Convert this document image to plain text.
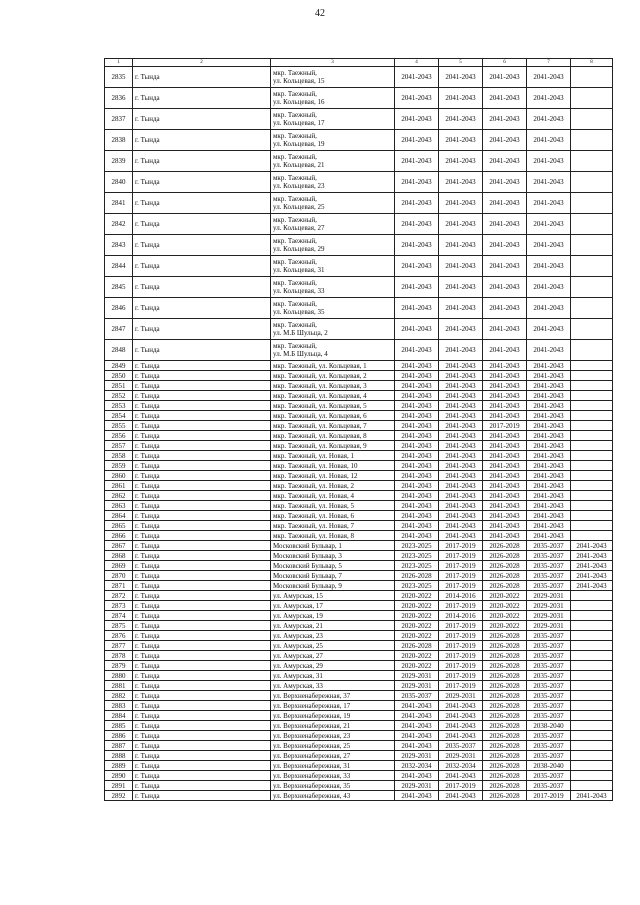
42
1	2	3	4	5	6	7	8
2835	г. Тында	мкр. Таежный,
ул. Кольцевая, 15	2041-2043	2041-2043	2041-2043	2041-2043	
2836	г. Тында	мкр. Таежный,
ул. Кольцевая, 16	2041-2043	2041-2043	2041-2043	2041-2043	
2837	г. Тында	мкр. Таежный,
ул. Кольцевая, 17	2041-2043	2041-2043	2041-2043	2041-2043	
2838	г. Тында	мкр. Таежный,
ул. Кольцевая, 19	2041-2043	2041-2043	2041-2043	2041-2043	
2839	г. Тында	мкр. Таежный,
ул. Кольцевая, 21	2041-2043	2041-2043	2041-2043	2041-2043	
2840	г. Тында	мкр. Таежный,
ул. Кольцевая, 23	2041-2043	2041-2043	2041-2043	2041-2043	
2841	г. Тында	мкр. Таежный,
ул. Кольцевая, 25	2041-2043	2041-2043	2041-2043	2041-2043	
2842	г. Тында	мкр. Таежный,
ул. Кольцевая, 27	2041-2043	2041-2043	2041-2043	2041-2043	
2843	г. Тында	мкр. Таежный,
ул. Кольцевая, 29	2041-2043	2041-2043	2041-2043	2041-2043	
2844	г. Тында	мкр. Таежный,
ул. Кольцевая, 31	2041-2043	2041-2043	2041-2043	2041-2043	
2845	г. Тында	мкр. Таежный,
ул. Кольцевая, 33	2041-2043	2041-2043	2041-2043	2041-2043	
2846	г. Тында	мкр. Таежный,
ул. Кольцевая, 35	2041-2043	2041-2043	2041-2043	2041-2043	
2847	г. Тында	мкр. Таежный,
ул. М.Б Шульца, 2	2041-2043	2041-2043	2041-2043	2041-2043	
2848	г. Тында	мкр. Таежный,
ул. М.Б Шульца, 4	2041-2043	2041-2043	2041-2043	2041-2043	
2849	г. Тында	мкр. Таежный, ул. Кольцевая, 1	2041-2043	2041-2043	2041-2043	2041-2043	
2850	г. Тында	мкр. Таежный, ул. Кольцевая, 2	2041-2043	2041-2043	2041-2043	2041-2043	
2851	г. Тында	мкр. Таежный, ул. Кольцевая, 3	2041-2043	2041-2043	2041-2043	2041-2043	
2852	г. Тында	мкр. Таежный, ул. Кольцевая, 4	2041-2043	2041-2043	2041-2043	2041-2043	
2853	г. Тында	мкр. Таежный, ул. Кольцевая, 5	2041-2043	2041-2043	2041-2043	2041-2043	
2854	г. Тында	мкр. Таежный, ул. Кольцевая, 6	2041-2043	2041-2043	2041-2043	2041-2043	
2855	г. Тында	мкр. Таежный, ул. Кольцевая, 7	2041-2043	2041-2043	2017-2019	2041-2043	
2856	г. Тында	мкр. Таежный, ул. Кольцевая, 8	2041-2043	2041-2043	2041-2043	2041-2043	
2857	г. Тында	мкр. Таежный, ул. Кольцевая, 9	2041-2043	2041-2043	2041-2043	2041-2043	
2858	г. Тында	мкр. Таежный, ул. Новая, 1	2041-2043	2041-2043	2041-2043	2041-2043	
2859	г. Тында	мкр. Таежный, ул. Новая, 10	2041-2043	2041-2043	2041-2043	2041-2043	
2860	г. Тында	мкр. Таежный, ул. Новая, 12	2041-2043	2041-2043	2041-2043	2041-2043	
2861	г. Тында	мкр. Таежный, ул. Новая, 2	2041-2043	2041-2043	2041-2043	2041-2043	
2862	г. Тында	мкр. Таежный, ул. Новая, 4	2041-2043	2041-2043	2041-2043	2041-2043	
2863	г. Тында	мкр. Таежный, ул. Новая, 5	2041-2043	2041-2043	2041-2043	2041-2043	
2864	г. Тында	мкр. Таежный, ул. Новая, 6	2041-2043	2041-2043	2041-2043	2041-2043	
2865	г. Тында	мкр. Таежный, ул. Новая, 7	2041-2043	2041-2043	2041-2043	2041-2043	
2866	г. Тында	мкр. Таежный, ул. Новая, 8	2041-2043	2041-2043	2041-2043	2041-2043	
2867	г. Тында	Московский Бульвар, 1	2023-2025	2017-2019	2026-2028	2035-2037	2041-2043
2868	г. Тында	Московский Бульвар, 3	2023-2025	2017-2019	2026-2028	2035-2037	2041-2043
2869	г. Тында	Московский Бульвар, 5	2023-2025	2017-2019	2026-2028	2035-2037	2041-2043
2870	г. Тында	Московский Бульвар, 7	2026-2028	2017-2019	2026-2028	2035-2037	2041-2043
2871	г. Тында	Московский Бульвар, 9	2023-2025	2017-2019	2026-2028	2035-2037	2041-2043
2872	г. Тында	ул. Амурская, 15	2020-2022	2014-2016	2020-2022	2029-2031	
2873	г. Тында	ул. Амурская, 17	2020-2022	2017-2019	2020-2022	2029-2031	
2874	г. Тында	ул. Амурская, 19	2020-2022	2014-2016	2020-2022	2029-2031	
2875	г. Тында	ул. Амурская, 21	2020-2022	2017-2019	2020-2022	2029-2031	
2876	г. Тында	ул. Амурская, 23	2020-2022	2017-2019	2026-2028	2035-2037	
2877	г. Тында	ул. Амурская, 25	2026-2028	2017-2019	2026-2028	2035-2037	
2878	г. Тында	ул. Амурская, 27	2020-2022	2017-2019	2026-2028	2035-2037	
2879	г. Тында	ул. Амурская, 29	2020-2022	2017-2019	2026-2028	2035-2037	
2880	г. Тында	ул. Амурская, 31	2029-2031	2017-2019	2026-2028	2035-2037	
2881	г. Тында	ул. Амурская, 33	2029-2031	2017-2019	2026-2028	2035-2037	
2882	г. Тында	ул. Верхненабережная, 37	2035-2037	2029-2031	2026-2028	2035-2037	
2883	г. Тында	ул. Верхненабережная, 17	2041-2043	2041-2043	2026-2028	2035-2037	
2884	г. Тында	ул. Верхненабережная, 19	2041-2043	2041-2043	2026-2028	2035-2037	
2885	г. Тында	ул. Верхненабережная, 21	2041-2043	2041-2043	2026-2028	2038-2040	
2886	г. Тында	ул. Верхненабережная, 23	2041-2043	2041-2043	2026-2028	2035-2037	
2887	г. Тында	ул. Верхненабережная, 25	2041-2043	2035-2037	2026-2028	2035-2037	
2888	г. Тында	ул. Верхненабережная, 27	2029-2031	2029-2031	2026-2028	2035-2037	
2889	г. Тында	ул. Верхненабережная, 31	2032-2034	2032-2034	2026-2028	2038-2040	
2890	г. Тында	ул. Верхненабережная, 33	2041-2043	2041-2043	2026-2028	2035-2037	
2891	г. Тында	ул. Верхненабережная, 35	2029-2031	2017-2019	2026-2028	2035-2037	
2892	г. Тында	ул. Верхненабережная, 43	2041-2043	2041-2043	2026-2028	2017-2019	2041-2043
